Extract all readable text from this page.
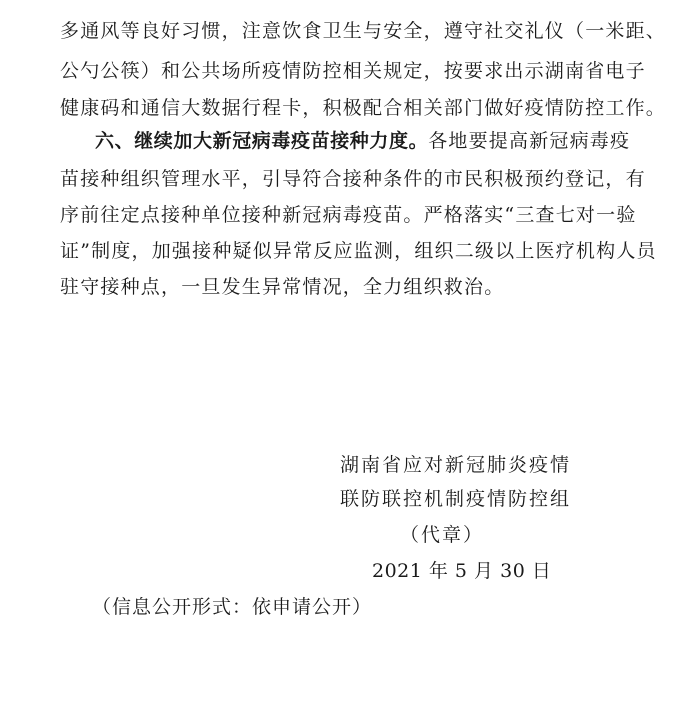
多通风等良好习惯，注意饮食卫生与安全，遵守社交礼仪（一米距、
公勺公筷）和公共场所疫情防控相关规定，按要求出示湖南省电子
健康码和通信大数据行程卡，积极配合相关部门做好疫情防控工作。
六、继续加大新冠病毒疫苗接种力度。各地要提高新冠病毒疫
苗接种组织管理水平，引导符合接种条件的市民积极预约登记，有
序前往定点接种单位接种新冠病毒疫苗。严格落实“三查七对一验
证”制度，加强接种疑似异常反应监测，组织二级以上医疗机构人员
驻守接种点，一旦发生异常情况，全力组织救治。
湖南省应对新冠肺炎疫情
联防联控机制疫情防控组
（代章）
2021 年 5 月 30 日
（信息公开形式：依申请公开）
